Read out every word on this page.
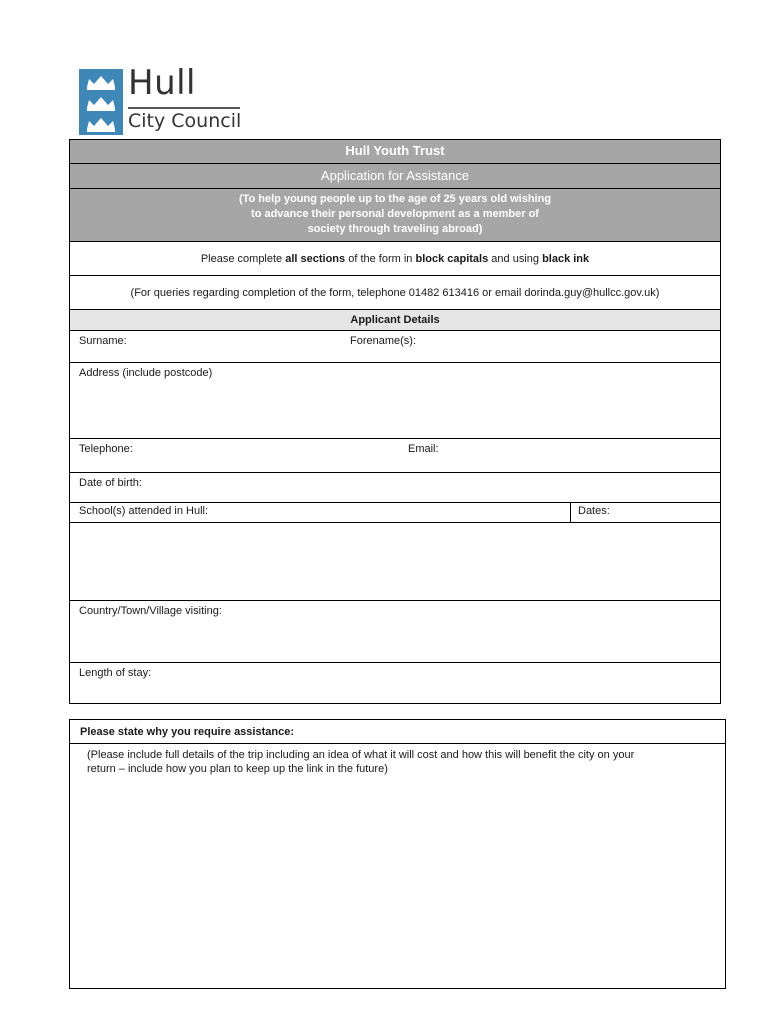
Hull
City Council
Hull Youth Trust
Application for Assistance
(To help young people up to the age of 25 years old wishing
to advance their personal development as a member of
society through traveling abroad)
Please complete all sections of the form in block capitals and using black ink
(For queries regarding completion of the form, telephone 01482 613416 or email dorinda.guy@hullcc.gov.uk)
Applicant Details
Surname:	Forename(s):
Address (include postcode)
Telephone:	Email:
Date of birth:
School(s) attended in Hull:	Dates:
Country/Town/Village visiting:
Length of stay:
Please state why you require assistance:
(Please include full details of the trip including an idea of what it will cost and how this will benefit the city on your
return – include how you plan to keep up the link in the future)
